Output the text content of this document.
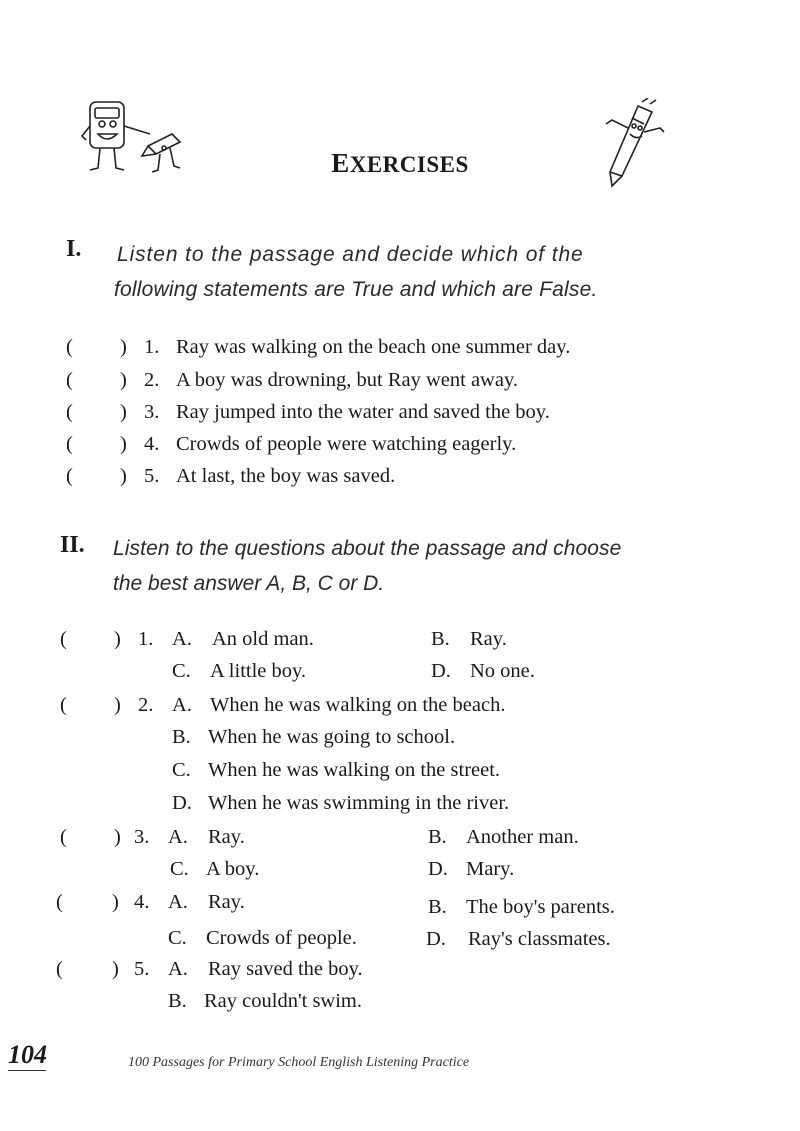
EXERCISES
I. Listen to the passage and decide which of the
following statements are True and which are False.
( ) 1. Ray was walking on the beach one summer day.
( ) 2. A boy was drowning, but Ray went away.
( ) 3. Ray jumped into the water and saved the boy.
( ) 4. Crowds of people were watching eagerly.
( ) 5. At last, the boy was saved.
II. Listen to the questions about the passage and choose
the best answer A, B, C or D.
( ) 1. A. An old man.	B. Ray.
C. A little boy.	D. No one.
( ) 2. A. When he was walking on the beach.
B. When he was going to school.
C. When he was walking on the street.
D. When he was swimming in the river.
( ) 3. A. Ray.	B. Another man.
C. A boy.	D. Mary.
( ) 4. A. Ray.	B. The boy's parents.
C. Crowds of people.	D. Ray's classmates.
( ) 5. A. Ray saved the boy.
B. Ray couldn't swim.
104	100 Passages for Primary School English Listening Practice
